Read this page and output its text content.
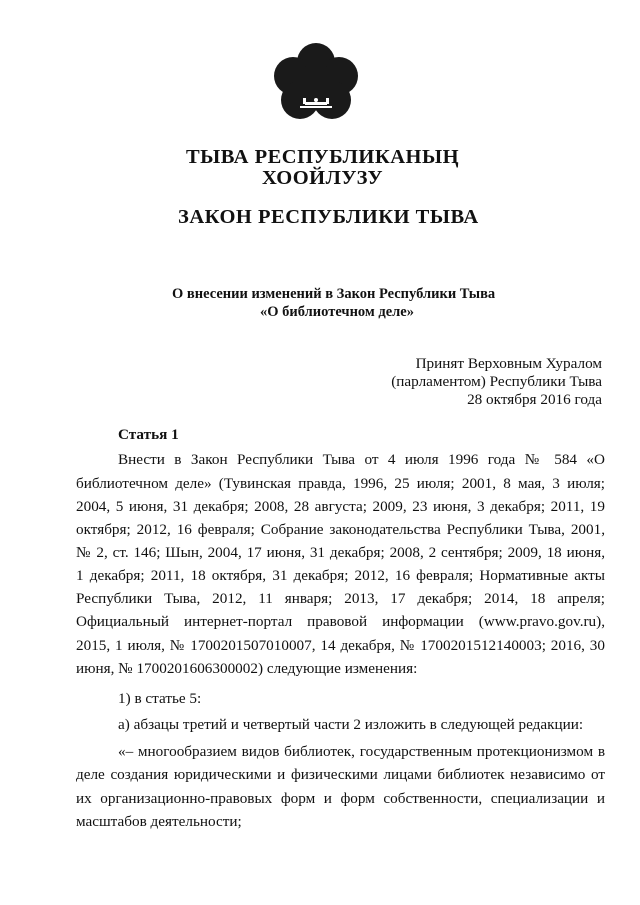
ТЫВА РЕСПУБЛИКАНЫҢ
ХООЙЛУЗУ
ЗАКОН РЕСПУБЛИКИ ТЫВА
О внесении изменений в Закон Республики Тыва
«О библиотечном деле»
Принят Верховным Хуралом
(парламентом) Республики Тыва
28 октября 2016 года
Статья 1
Внести в Закон Республики Тыва от 4 июля 1996 года № 584 «О
библиотечном деле» (Тувинская правда, 1996, 25 июля; 2001, 8 мая, 3 июля;
2004, 5 июня, 31 декабря; 2008, 28 августа; 2009, 23 июня, 3 декабря; 2011, 19
октября; 2012, 16 февраля; Собрание законодательства Республики Тыва, 2001,
№ 2, ст. 146; Шын, 2004, 17 июня, 31 декабря; 2008, 2 сентября; 2009, 18 июня,
1 декабря; 2011, 18 октября, 31 декабря; 2012, 16 февраля; Нормативные акты
Республики Тыва, 2012, 11 января; 2013, 17 декабря; 2014, 18 апреля;
Официальный интернет-портал правовой информации (www.pravo.gov.ru),
2015, 1 июля, № 1700201507010007, 14 декабря, № 1700201512140003; 2016, 30
июня, № 1700201606300002) следующие изменения:
1) в статье 5:
а) абзацы третий и четвертый части 2 изложить в следующей редакции:
«– многообразием видов библиотек, государственным протекционизмом в
деле создания юридическими и физическими лицами библиотек независимо от
их организационно-правовых форм и форм собственности, специализации и
масштабов деятельности;
